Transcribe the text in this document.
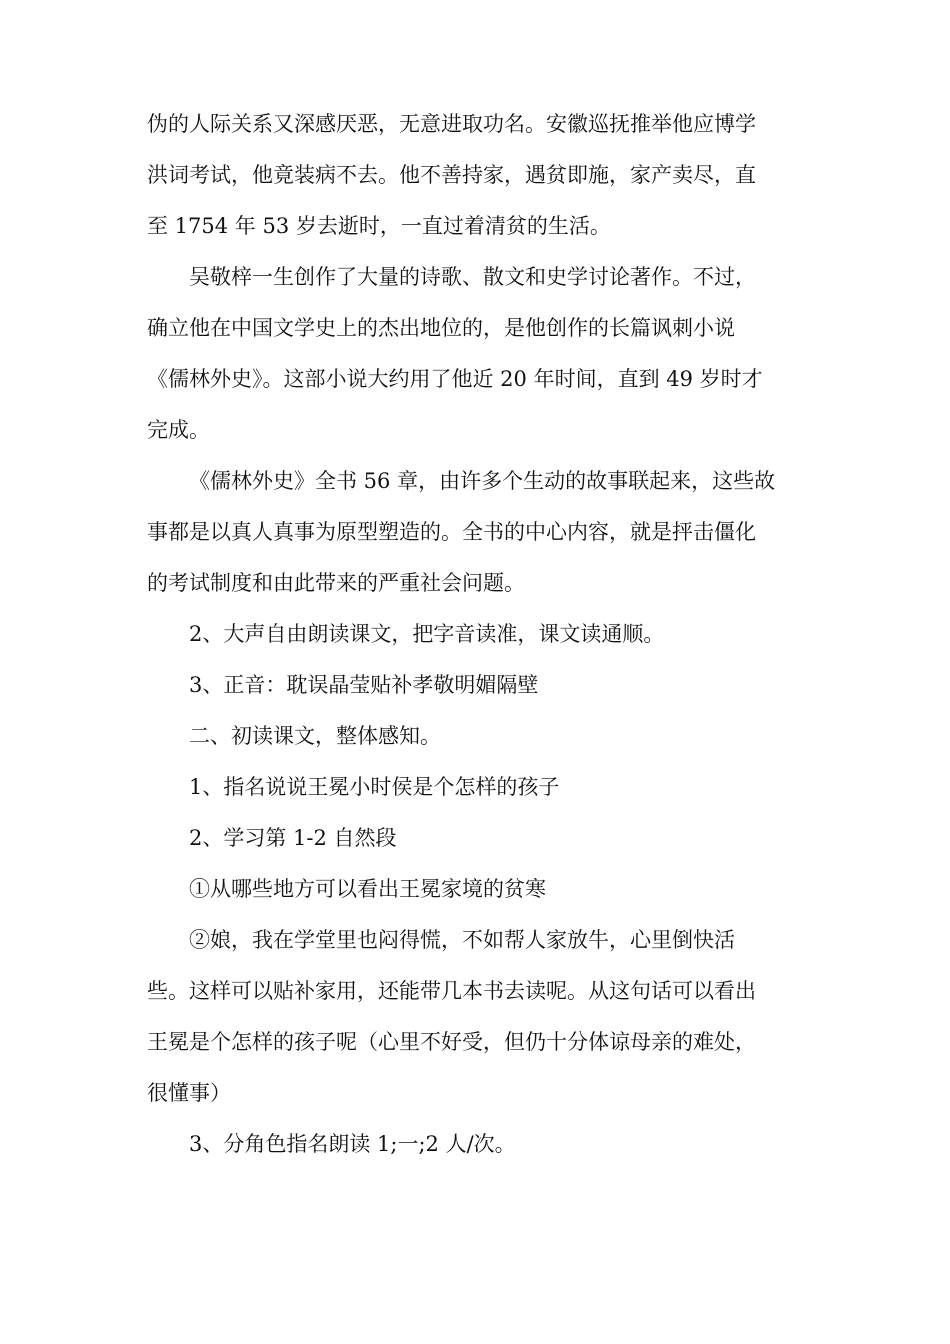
伪的人际关系又深感厌恶，无意进取功名。安徽巡抚推举他应博学
洪词考试，他竟装病不去。他不善持家，遇贫即施，家产卖尽，直
至 1754 年 53 岁去逝时，一直过着清贫的生活。
吴敬梓一生创作了大量的诗歌、散文和史学讨论著作。不过，
确立他在中国文学史上的杰出地位的，是他创作的长篇讽刺小说
《儒林外史》。这部小说大约用了他近 20 年时间，直到 49 岁时才
完成。
《儒林外史》全书 56 章，由许多个生动的故事联起来，这些故
事都是以真人真事为原型塑造的。全书的中心内容，就是抨击僵化
的考试制度和由此带来的严重社会问题。
2、大声自由朗读课文，把字音读准，课文读通顺。
3、正音：耽误晶莹贴补孝敬明媚隔壁
二、初读课文，整体感知。
1、指名说说王冕小时侯是个怎样的孩子
2、学习第 1-2 自然段
①从哪些地方可以看出王冕家境的贫寒
②娘，我在学堂里也闷得慌，不如帮人家放牛，心里倒快活
些。这样可以贴补家用，还能带几本书去读呢。从这句话可以看出
王冕是个怎样的孩子呢（心里不好受，但仍十分体谅母亲的难处，
很懂事）
3、分角色指名朗读 1;一;2 人/次。
